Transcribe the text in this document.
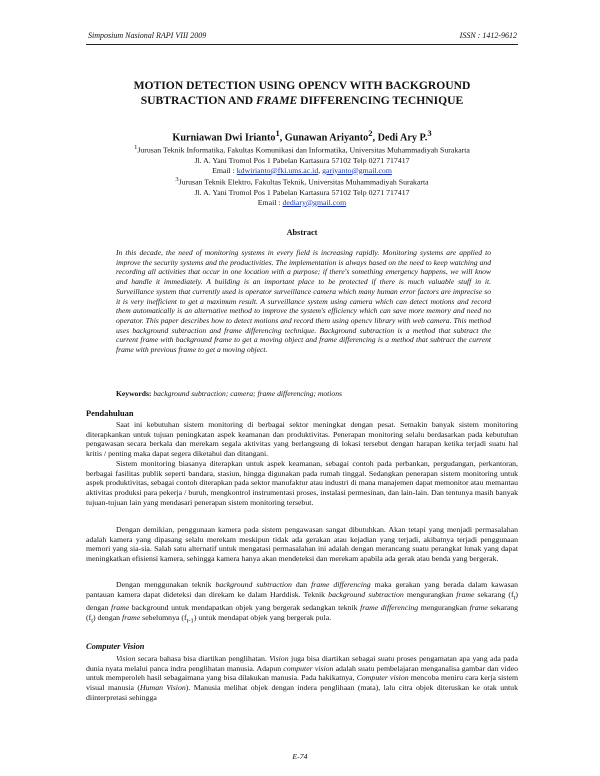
Simposium Nasional RAPI VIII 2009	ISSN : 1412-9612
MOTION DETECTION USING OPENCV WITH BACKGROUND
SUBTRACTION AND FRAME DIFFERENCING TECHNIQUE
Kurniawan Dwi Irianto$^1$, Gunawan Ariyanto$^2$, Dedi Ary P.$^3$
$^1$Jurusan Teknik Informatika, Fakultas Komunikasi dan Informatika, Universitas Muhammadiyah Surakarta
Jl. A. Yani Tromol Pos 1 Pabelan Kartasura 57102 Telp 0271 717417
Email : kdwirianto@fki.ums.ac.id, gariyanto@gmail.com
$^3$Jurusan Teknik Elektro, Fakultas Teknik, Universitas Muhammadiyah Surakarta
Jl. A. Yani Tromol Pos 1 Pabelan Kartasura 57102 Telp 0271 717417
Email : dediary@gmail.com
Abstract
In this decade, the need of monitoring systems in every field is increasing rapidly. Monitoring systems are applied to improve the security systems and the productivities. The implementation is always based on the need to keep watching and recording all activities that occur in one location with a purpose; if there's something emergency happens, we will know and handle it immediately. A building is an important place to be protected if there is much valuable stuff in it. Surveillance system that currently used is operator surveillance camera which many human error factors are imprecise so it is very inefficient to get a maximum result. A surveillance system using camera which can detect motions and record them automatically is an alternative method to improve the system's efficiency which can save more memory and need no operator. This paper describes how to detect motions and record them using opencv library with web camera. This method uses background subtraction and frame differencing technique. Background subtraction is a method that subtract the current frame with background frame to get a moving object and frame differencing is a method that subtract the current frame with previous frame to get a moving object.
Keywords: background subtraction; camera; frame differencing; motions
Pendahuluan
Saat ini kebutuhan sistem monitoring di berbagai sektor meningkat dengan pesat. Semakin banyak sistem monitoring diterapkankan untuk tujuan peningkatan aspek keamanan dan produktivitas. Penerapan monitoring selalu berdasarkan pada kebutuhan pengawasan secara berkala dan merekam segala aktivitas yang berlangsung di lokasi tersebut dengan harapan ketika terjadi suatu hal kritis / penting maka dapat segera diketahui dan ditangani.
Sistem monitoring biasanya diterapkan untuk aspek keamanan, sebagai contoh pada perbankan, pergudangan, perkantoran, berbagai fasilitas publik seperti bandara, stasiun, hingga digunakan pada rumah tinggal. Sedangkan penerapan sistem monitoring untuk aspek produktivitas, sebagai contoh diterapkan pada sektor manufaktur atau industri di mana manajemen dapat memonitor atau memantau aktivitas produksi para pekerja / buruh, mengkontrol instrumentasi proses, instalasi permesinan, dan lain-lain. Dan tentunya masih banyak tujuan-tujuan lain yang mendasari penerapan sistem monitoring tersebut.
Dengan demikian, penggunaan kamera pada sistem pengawasan sangat dibutuhkan. Akan tetapi yang menjadi permasalahan adalah kamera yang dipasang selalu merekam meskipun tidak ada gerakan atau kejadian yang terjadi, akibatnya terjadi penggunaan memori yang sia-sia. Salah satu alternatif untuk mengatasi permasalahan ini adalah dengan merancang suatu perangkat lunak yang dapat meningkatkan efisiensi kamera, sehingga kamera hanya akan mendeteksi dan merekam apabila ada gerak atau benda yang bergerak.
Dengan menggunakan teknik background subtraction dan frame differencing maka gerakan yang berada dalam kawasan pantauan kamera dapat dideteksi dan direkam ke dalam Harddisk. Teknik background subtraction mengurangkan frame sekarang $(f_t)$ dengan frame background untuk mendapatkan objek yang bergerak sedangkan teknik frame differencing mengurangkan frame sekarang $(f_t)$ dengan frame sebelumnya $(f_{t-1})$ untuk mendapat objek yang bergerak pula.
Computer Vision
Vision secara bahasa bisa diartikan penglihatan. Vision juga bisa diartikan sebagai suatu proses pengamatan apa yang ada pada dunia nyata melalui panca indra penglihatan manusia. Adapun computer vision adalah suatu pembelajaran menganalisa gambar dan video untuk memperoleh hasil sebagaimana yang bisa dilakukan manusia. Pada hakikatnya, Computer vision mencoba meniru cara kerja sistem visual manusia (Human Vision). Manusia melihat objek dengan indera penglihaan (mata), lalu citra objek diteruskan ke otak untuk diinterpretasi sehingga
E-74
